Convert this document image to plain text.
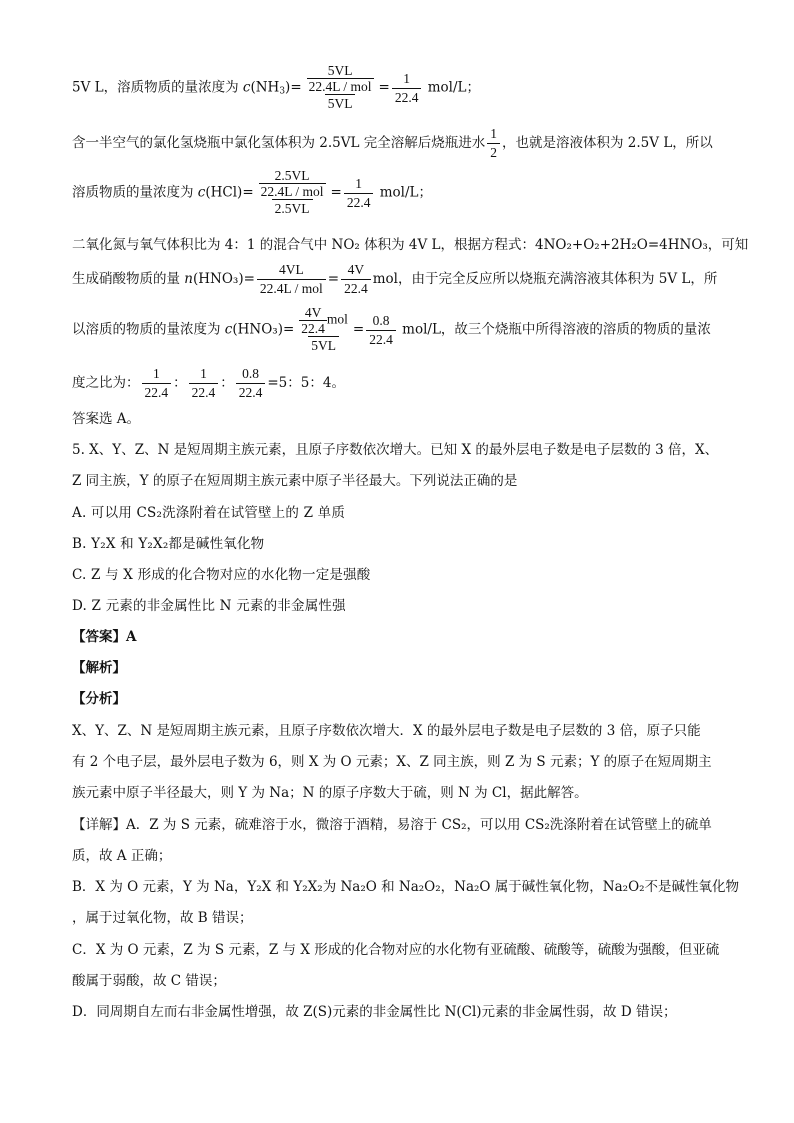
5V L，溶质物质的量浓度为 $c(NH_3)= \frac{\frac{5VL}{\text{22.4L / mol}}}{5VL} = \frac{1}{22.4} mol/L$；
含一半空气的氯化氢烧瓶中氯化氢体积为 2.5VL 完全溶解后烧瓶进水 $\frac{1}{2}$ ，也就是溶液体积为 2.5V L，所以
溶质物质的量浓度为 $c(HCl)= \frac{\frac{2.5VL}{\text{22.4L / mol}}}{2.5VL} = \frac{1}{22.4} mol/L$；
二氧化氮与氧气体积比为 4：1 的混合气中 NO₂ 体积为 4V L，根据方程式：4NO₂+O₂+2H₂O=4HNO₃，可知
生成硝酸物质的量 $n(HNO_3)= \frac{4VL}{\text{22.4L / mol}} = \frac{4V}{22.4}$ mol，由于完全反应所以烧瓶充满溶液其体积为 5V L，所
以溶质的物质的量浓度为 $c(HNO_3)= \frac{\frac{4V}{22.4} mol}{5VL} = \frac{0.8}{22.4} mol/L$，故三个烧瓶中所得溶液的溶质的物质的量浓
度之比为： $\frac{1}{22.4}$ ： $\frac{1}{22.4}$ ： $\frac{0.8}{22.4} =5$：5：4。
答案选 A。
5. X、Y、Z、N 是短周期主族元素，且原子序数依次增大。已知 X 的最外层电子数是电子层数的 3 倍，X、
Z 同主族，Y 的原子在短周期主族元素中原子半径最大。下列说法正确的是
A. 可以用 CS₂洗涤附着在试管壁上的 Z 单质
B. Y₂X 和 Y₂X₂都是碱性氧化物
C. Z 与 X 形成的化合物对应的水化物一定是强酸
D. Z 元素的非金属性比 N 元素的非金属性强
【答案】A
【解析】
【分析】
X、Y、Z、N 是短周期主族元素，且原子序数依次增大．X 的最外层电子数是电子层数的 3 倍，原子只能
有 2 个电子层，最外层电子数为 6，则 X 为 O 元素；X、Z 同主族，则 Z 为 S 元素；Y 的原子在短周期主
族元素中原子半径最大，则 Y 为 Na；N 的原子序数大于硫，则 N 为 Cl，据此解答。
【详解】A．Z 为 S 元素，硫难溶于水，微溶于酒精，易溶于 CS₂，可以用 CS₂洗涤附着在试管壁上的硫单
质，故 A 正确；
B．X 为 O 元素，Y 为 Na，Y₂X 和 Y₂X₂为 Na₂O 和 Na₂O₂，Na₂O 属于碱性氧化物，Na₂O₂不是碱性氧化物
，属于过氧化物，故 B 错误；
C．X 为 O 元素，Z 为 S 元素，Z 与 X 形成的化合物对应的水化物有亚硫酸、硫酸等，硫酸为强酸，但亚硫
酸属于弱酸，故 C 错误；
D．同周期自左而右非金属性增强，故 Z(S)元素的非金属性比 N(Cl)元素的非金属性弱，故 D 错误；
